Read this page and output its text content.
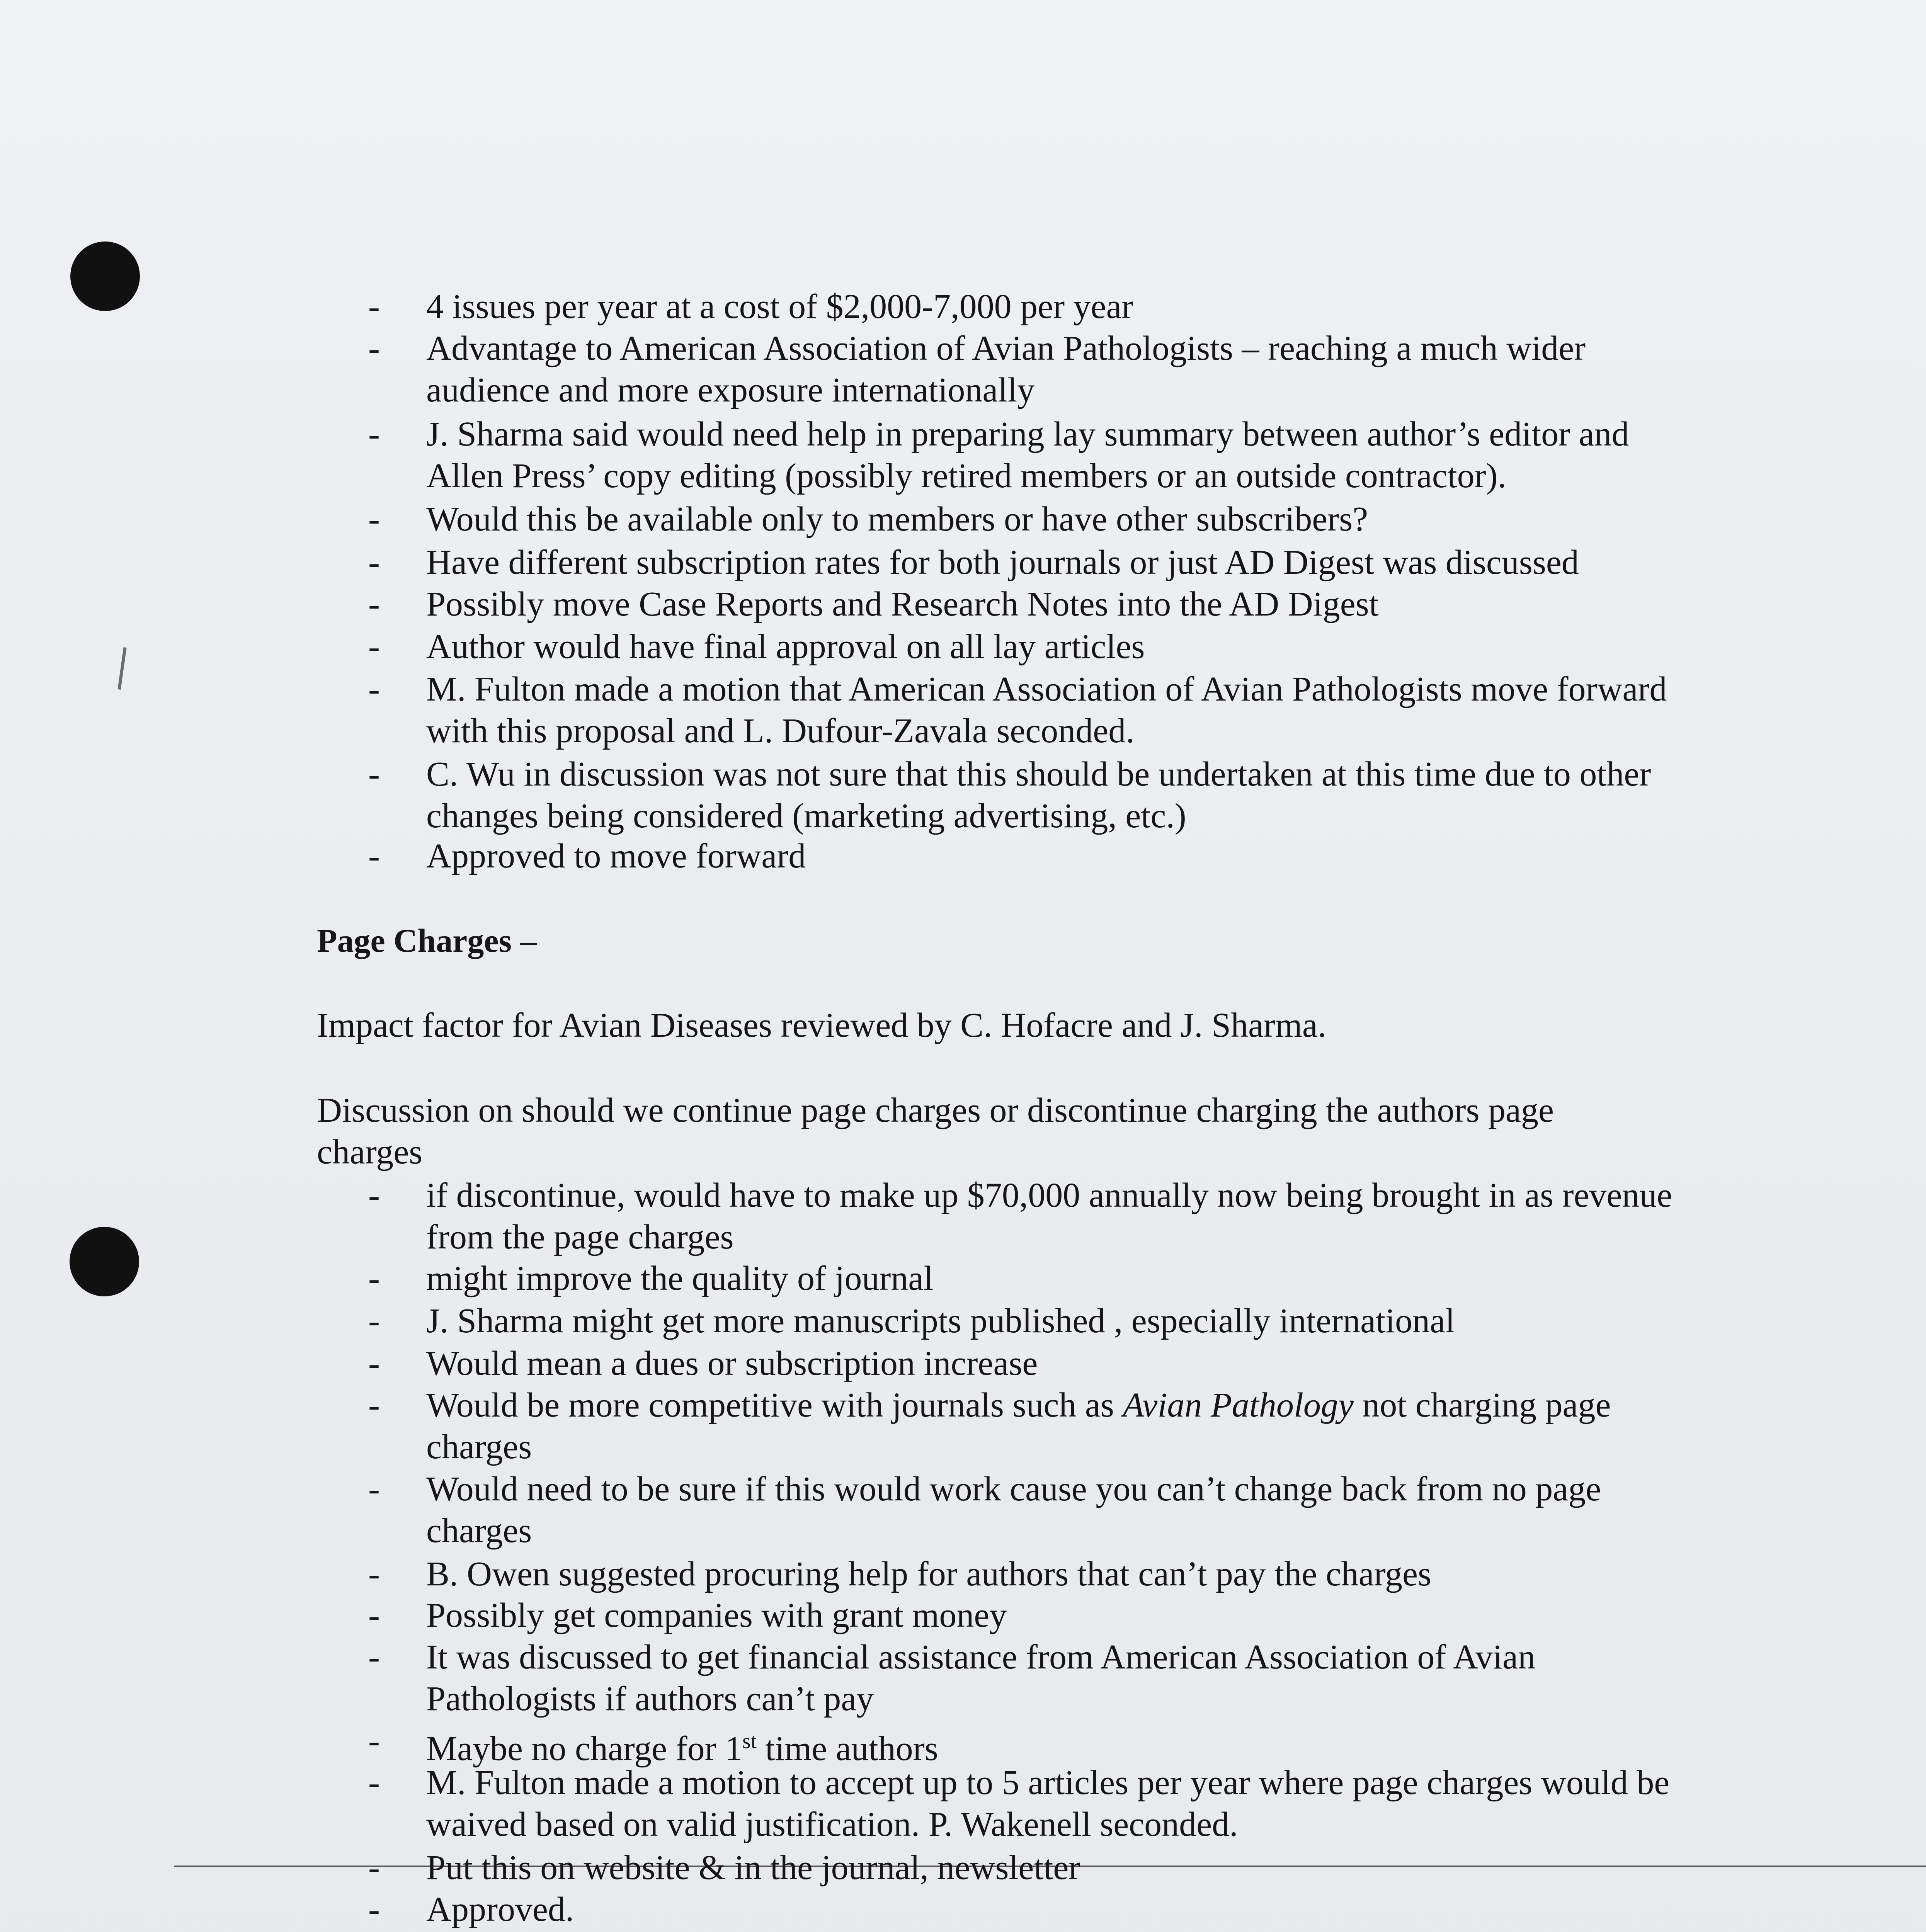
- 4 issues per year at a cost of $2,000-7,000 per year
- Advantage to American Association of Avian Pathologists – reaching a much wider audience and more exposure internationally
- J. Sharma said would need help in preparing lay summary between author’s editor and Allen Press’ copy editing (possibly retired members or an outside contractor).
- Would this be available only to members or have other subscribers?
- Have different subscription rates for both journals or just AD Digest was discussed
- Possibly move Case Reports and Research Notes into the AD Digest
- Author would have final approval on all lay articles
- M. Fulton made a motion that American Association of Avian Pathologists move forward with this proposal and L. Dufour-Zavala seconded.
- C. Wu in discussion was not sure that this should be undertaken at this time due to other changes being considered (marketing advertising, etc.)
- Approved to move forward
Page Charges –
Impact factor for Avian Diseases reviewed by C. Hofacre and J. Sharma.
Discussion on should we continue page charges or discontinue charging the authors page charges
- if discontinue, would have to make up $70,000 annually now being brought in as revenue from the page charges
- might improve the quality of journal
- J. Sharma might get more manuscripts published , especially international
- Would mean a dues or subscription increase
- Would be more competitive with journals such as Avian Pathology not charging page charges
- Would need to be sure if this would work cause you can’t change back from no page charges
- B. Owen suggested procuring help for authors that can’t pay the charges
- Possibly get companies with grant money
- It was discussed to get financial assistance from American Association of Avian Pathologists if authors can’t pay
- Maybe no charge for 1st time authors
- M. Fulton made a motion to accept up to 5 articles per year where page charges would be waived based on valid justification. P. Wakenell seconded.
- Put this on website & in the journal, newsletter
- Approved.
